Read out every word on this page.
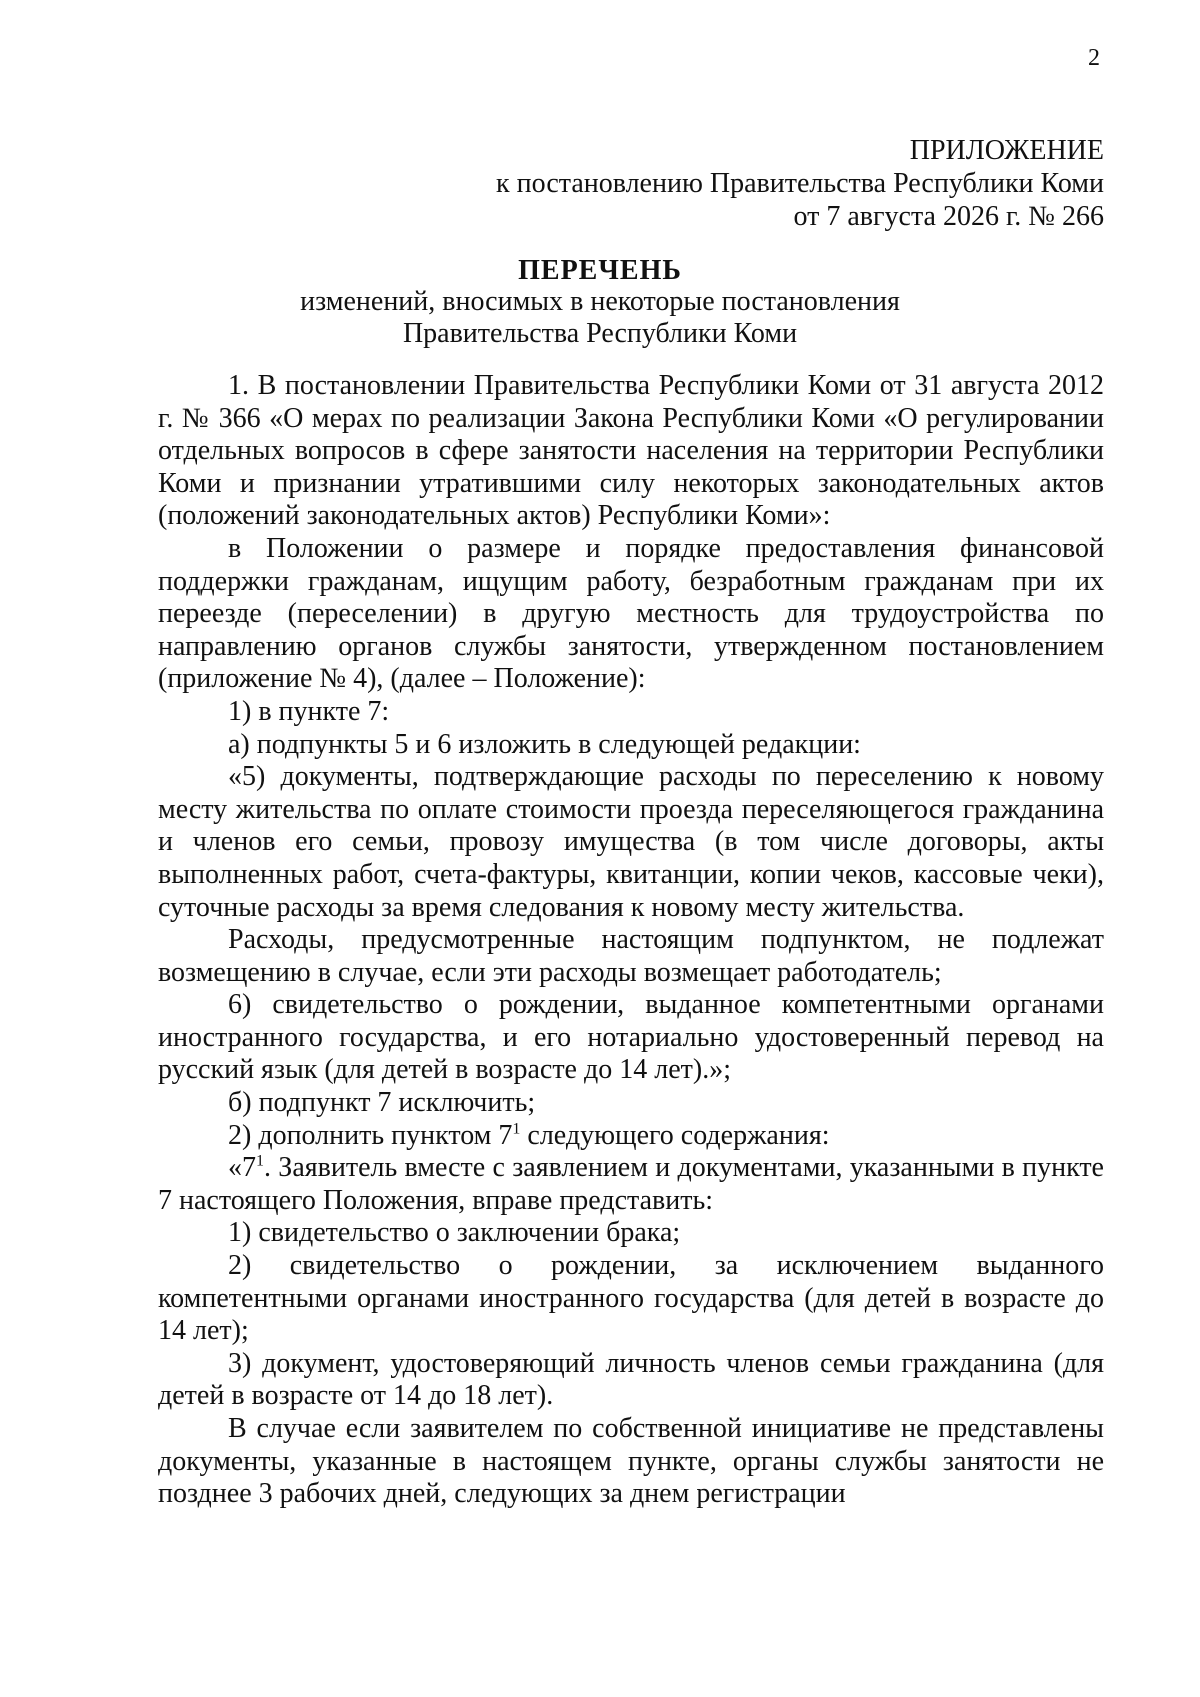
2
ПРИЛОЖЕНИЕ
к постановлению Правительства Республики Коми
от 7 августа 2026 г. № 266
ПЕРЕЧЕНЬ
изменений, вносимых в некоторые постановления
Правительства Республики Коми

1. В постановлении Правительства Республики Коми от 31 августа 2012 г. № 366 «О мерах по реализации Закона Республики Коми «О регулировании отдельных вопросов в сфере занятости населения на территории Республики Коми и признании утратившими силу некоторых законодательных актов (положений законодательных актов) Республики Коми»:

в Положении о размере и порядке предоставления финансовой поддержки гражданам, ищущим работу, безработным гражданам при их переезде (переселении) в другую местность для трудоустройства по направлению органов службы занятости, утвержденном постановлением (приложение № 4), (далее – Положение):

1) в пункте 7:

а) подпункты 5 и 6 изложить в следующей редакции:

«5) документы, подтверждающие расходы по переселению к новому месту жительства по оплате стоимости проезда переселяющегося гражданина и членов его семьи, провозу имущества (в том числе договоры, акты выполненных работ, счета-фактуры, квитанции, копии чеков, кассовые чеки), суточные расходы за время следования к новому месту жительства.

Расходы, предусмотренные настоящим подпунктом, не подлежат возмещению в случае, если эти расходы возмещает работодатель;

6) свидетельство о рождении, выданное компетентными органами иностранного государства, и его нотариально удостоверенный перевод на русский язык (для детей в возрасте до 14 лет).»;

б) подпункт 7 исключить;

2) дополнить пунктом $7^1$ следующего содержания:

«$7^1$. Заявитель вместе с заявлением и документами, указанными в пункте 7 настоящего Положения, вправе представить:

1) свидетельство о заключении брака;

2) свидетельство о рождении, за исключением выданного компетентными органами иностранного государства (для детей в возрасте до 14 лет);

3) документ, удостоверяющий личность членов семьи гражданина (для детей в возрасте от 14 до 18 лет).

В случае если заявителем по собственной инициативе не представлены документы, указанные в настоящем пункте, органы службы занятости не позднее 3 рабочих дней, следующих за днем регистрации
